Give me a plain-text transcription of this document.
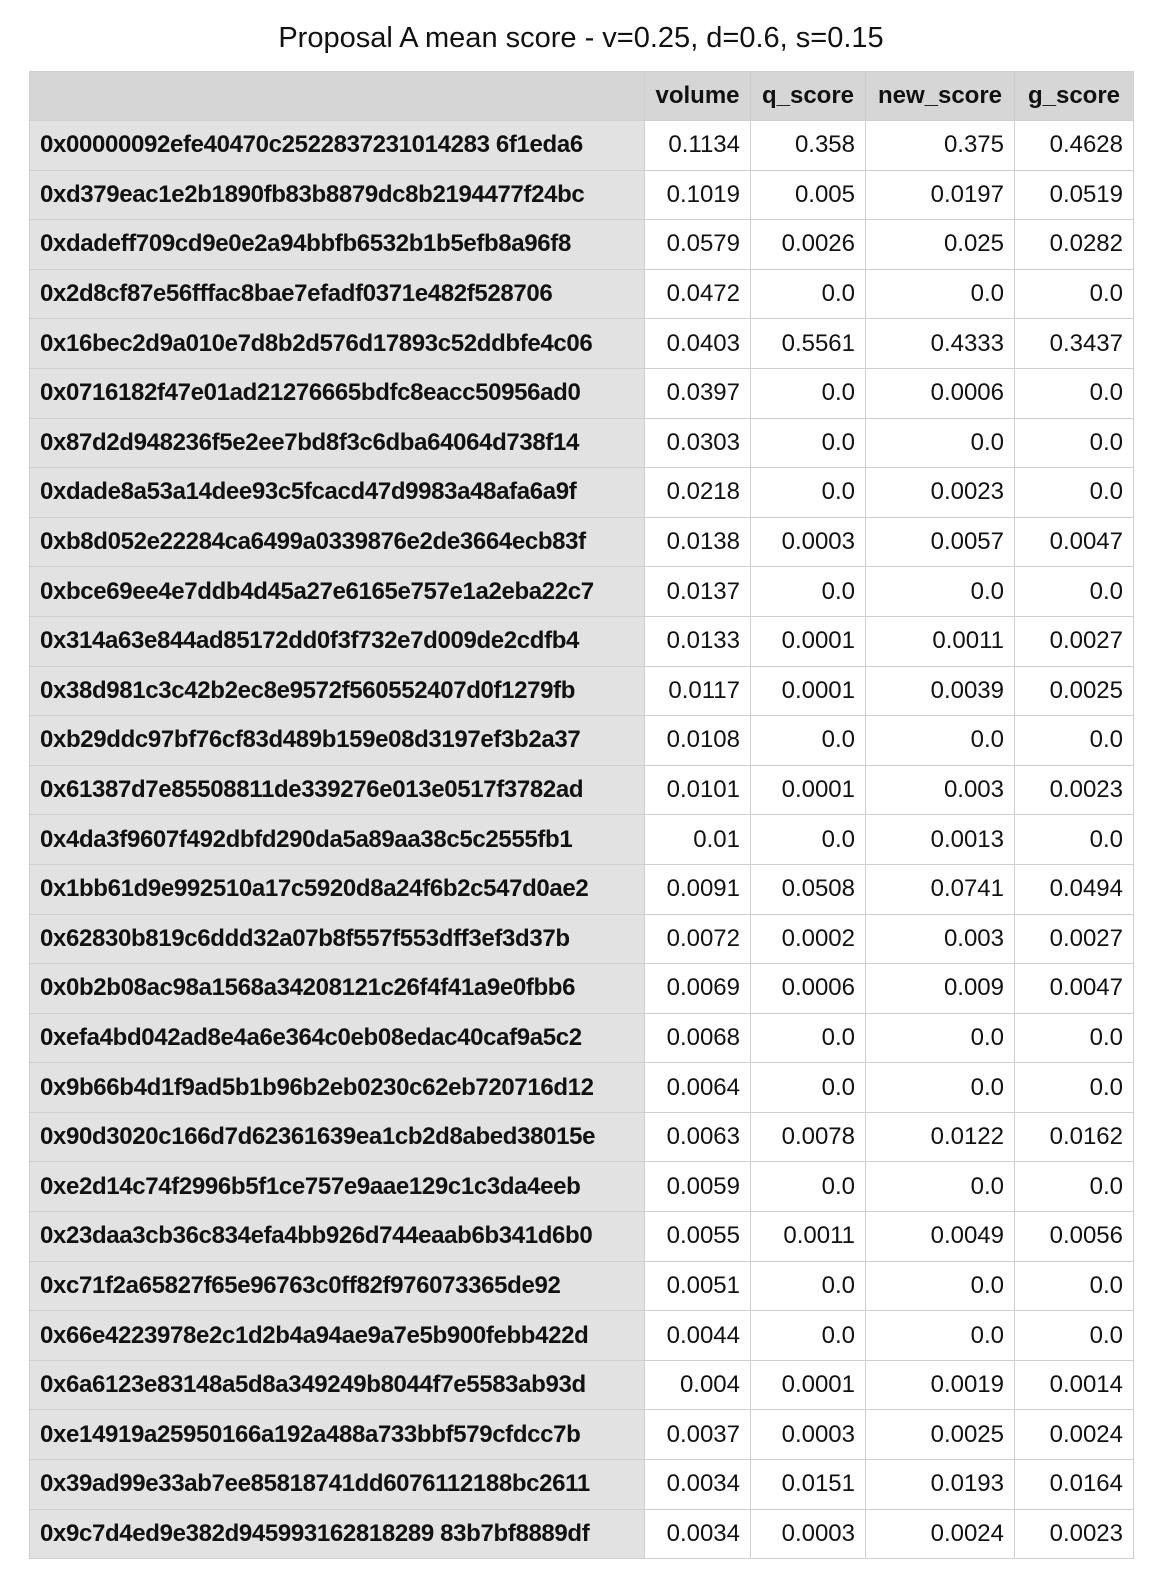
Proposal A mean score - v=0.25, d=0.6, s=0.15
	volume	q_score	new_score	g_score
0x00000092efe40470c2522837231014283 6f1eda6	0.1134	0.358	0.375	0.4628
0xd379eac1e2b1890fb83b8879dc8b2194477f24bc	0.1019	0.005	0.0197	0.0519
0xdadeff709cd9e0e2a94bbfb6532b1b5efb8a96f8	0.0579	0.0026	0.025	0.0282
0x2d8cf87e56fffac8bae7efadf0371e482f528706	0.0472	0.0	0.0	0.0
0x16bec2d9a010e7d8b2d576d17893c52ddbfe4c06	0.0403	0.5561	0.4333	0.3437
0x0716182f47e01ad21276665bdfc8eacc50956ad0	0.0397	0.0	0.0006	0.0
0x87d2d948236f5e2ee7bd8f3c6dba64064d738f14	0.0303	0.0	0.0	0.0
0xdade8a53a14dee93c5fcacd47d9983a48afa6a9f	0.0218	0.0	0.0023	0.0
0xb8d052e22284ca6499a0339876e2de3664ecb83f	0.0138	0.0003	0.0057	0.0047
0xbce69ee4e7ddb4d45a27e6165e757e1a2eba22c7	0.0137	0.0	0.0	0.0
0x314a63e844ad85172dd0f3f732e7d009de2cdfb4	0.0133	0.0001	0.0011	0.0027
0x38d981c3c42b2ec8e9572f560552407d0f1279fb	0.0117	0.0001	0.0039	0.0025
0xb29ddc97bf76cf83d489b159e08d3197ef3b2a37	0.0108	0.0	0.0	0.0
0x61387d7e85508811de339276e013e0517f3782ad	0.0101	0.0001	0.003	0.0023
0x4da3f9607f492dbfd290da5a89aa38c5c2555fb1	0.01	0.0	0.0013	0.0
0x1bb61d9e992510a17c5920d8a24f6b2c547d0ae2	0.0091	0.0508	0.0741	0.0494
0x62830b819c6ddd32a07b8f557f553dff3ef3d37b	0.0072	0.0002	0.003	0.0027
0x0b2b08ac98a1568a34208121c26f4f41a9e0fbb6	0.0069	0.0006	0.009	0.0047
0xefa4bd042ad8e4a6e364c0eb08edac40caf9a5c2	0.0068	0.0	0.0	0.0
0x9b66b4d1f9ad5b1b96b2eb0230c62eb720716d12	0.0064	0.0	0.0	0.0
0x90d3020c166d7d62361639ea1cb2d8abed38015e	0.0063	0.0078	0.0122	0.0162
0xe2d14c74f2996b5f1ce757e9aae129c1c3da4eeb	0.0059	0.0	0.0	0.0
0x23daa3cb36c834efa4bb926d744eaab6b341d6b0	0.0055	0.0011	0.0049	0.0056
0xc71f2a65827f65e96763c0ff82f976073365de92	0.0051	0.0	0.0	0.0
0x66e4223978e2c1d2b4a94ae9a7e5b900febb422d	0.0044	0.0	0.0	0.0
0x6a6123e83148a5d8a349249b8044f7e5583ab93d	0.004	0.0001	0.0019	0.0014
0xe14919a25950166a192a488a733bbf579cfdcc7b	0.0037	0.0003	0.0025	0.0024
0x39ad99e33ab7ee85818741dd6076112188bc2611	0.0034	0.0151	0.0193	0.0164
0x9c7d4ed9e382d945993162818289 83b7bf8889df	0.0034	0.0003	0.0024	0.0023
